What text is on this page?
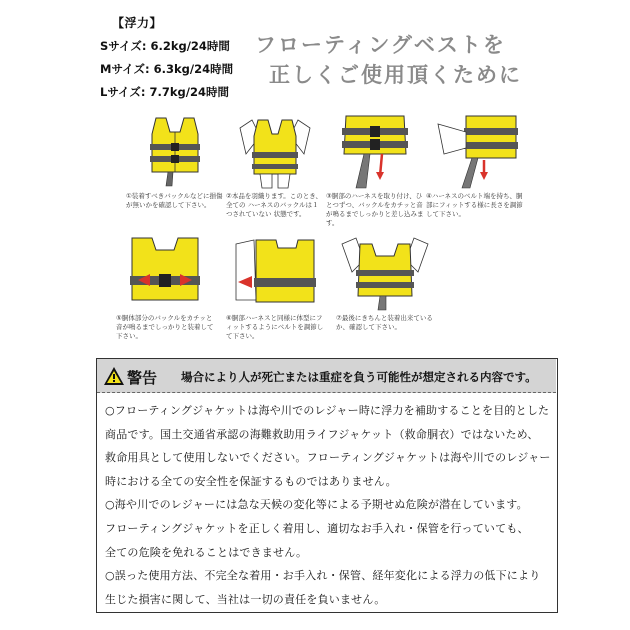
【浮力】
Sサイズ: 6.2kg/24時間
Mサイズ: 6.3kg/24時間
Lサイズ: 7.7kg/24時間
フローティングベストを
正しくご使用頂くために
①装着すべきバックルなどに損傷が無いかを確認して下さい。
②本品を羽織ります。このとき、全ての ハーネスのバックルは１つされていない 状態です。
③胴部のハーネスを取り付け、ひとつずつ、バックルをカチッと音が鳴るまでしっかりと差し込みます。
④ハーネスのベルト端を持ち、胴部にフィットする様に長さを調節して下さい。
⑤胴体部分のバックルをカチッと音が鳴るまでしっかりと装着して下さい。
⑥胴部ハーネスと同様に体型にフィットするようにベルトを調節して下さい。
⑦最後にきちんと装着出来ているか、確認して下さい。
警告 場合により人が死亡または重症を負う可能性が想定される内容です。
○フローティングジャケットは海や川でのレジャー時に浮力を補助することを目的とした
商品です。国土交通省承認の海難救助用ライフジャケット（救命胴衣）ではないため、
救命用具として使用しないでください。フローティングジャケットは海や川でのレジャー
時における全ての安全性を保証するものではありません。
○海や川でのレジャーには急な天候の変化等による予期せぬ危険が潜在しています。
フローティングジャケットを正しく着用し、適切なお手入れ・保管を行っていても、
全ての危険を免れることはできません。
○誤った使用方法、不完全な着用・お手入れ・保管、経年変化による浮力の低下により
生じた損害に関して、当社は一切の責任を負いません。
